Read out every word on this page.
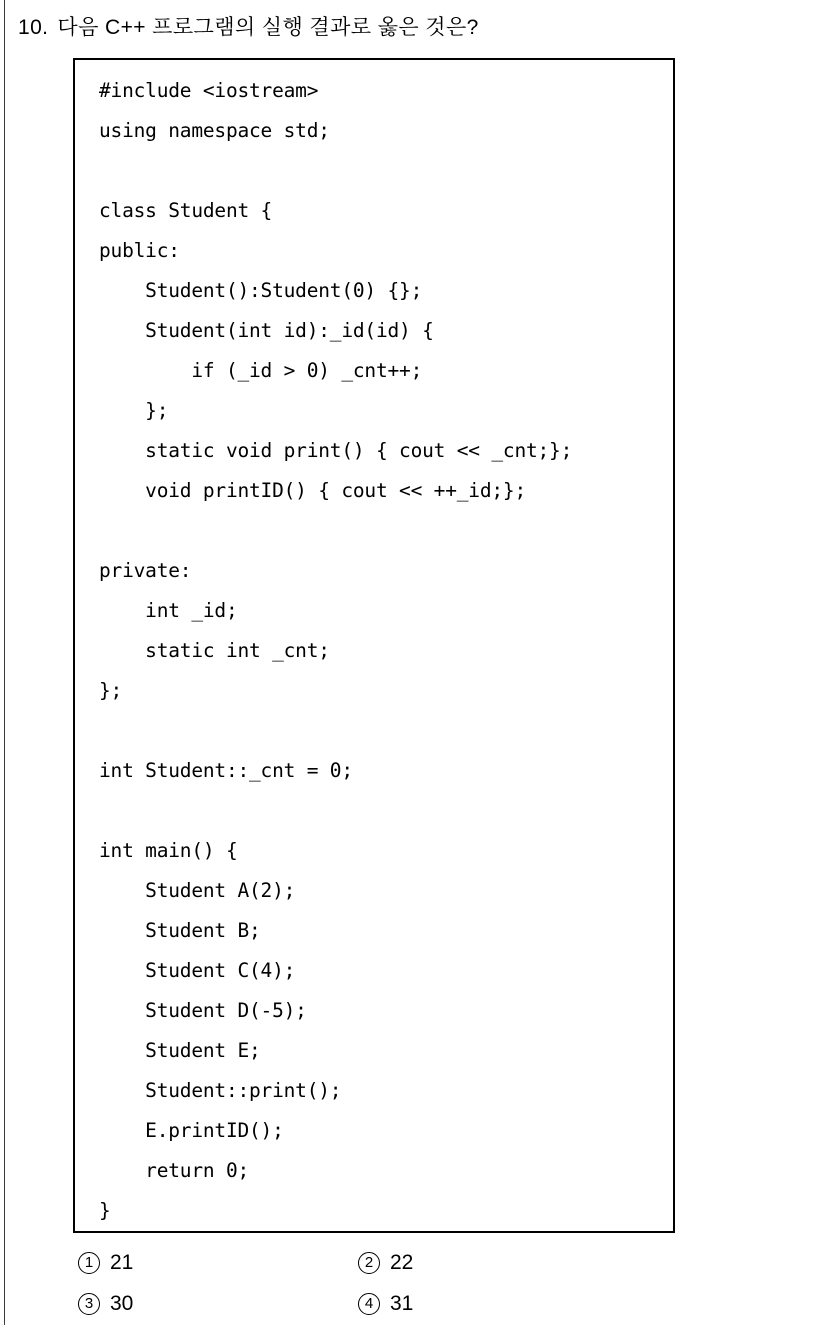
10. 다음 C++ 프로그램의 실행 결과로 옳은 것은?
#include <iostream>
using namespace std;
class Student {
public:
Student():Student(0) {};
Student(int id):_id(id) {
if (_id > 0) _cnt++;
};
static void print() { cout << _cnt;};
void printID() { cout << ++_id;};
private:
int _id;
static int _cnt;
};
int Student::_cnt = 0;
int main() {
Student A(2);
Student B;
Student C(4);
Student D(-5);
Student E;
Student::print();
E.printID();
return 0;
}
1 21	2 22
3 30	4 31
